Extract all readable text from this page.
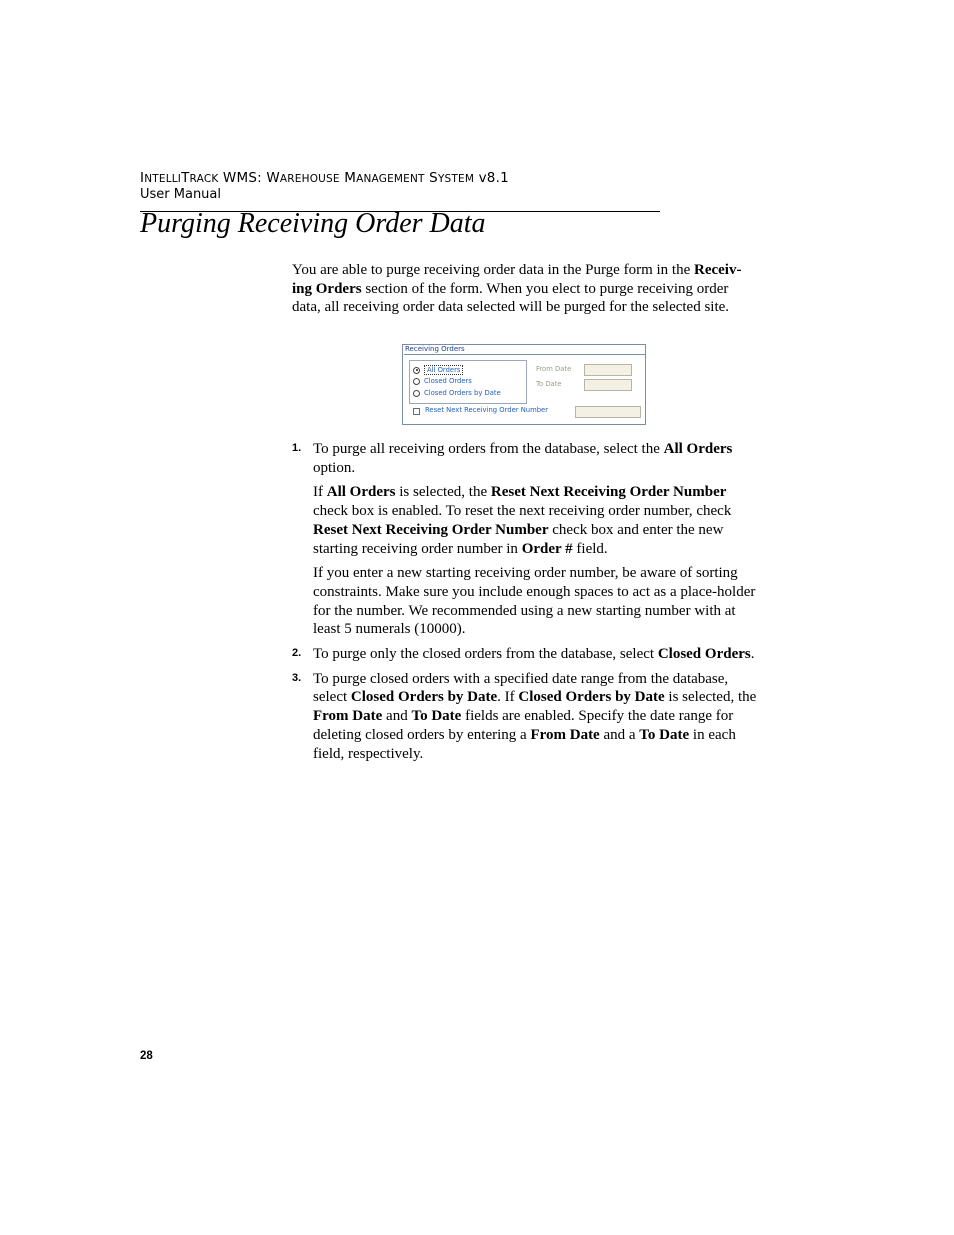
INTELLITRACK WMS: WAREHOUSE MANAGEMENT SYSTEM v8.1
User Manual
Purging Receiving Order Data

You are able to purge receiving order data in the Purge form in the Receiv-ing Orders section of the form. When you elect to purge receiving order data, all receiving order data selected will be purged for the selected site.

Receiving Orders
All Orders
Closed Orders
Closed Orders by Date
From Date
To Date
Reset Next Receiving Order Number
1. To purge all receiving orders from the database, select the All Orders option.

If All Orders is selected, the Reset Next Receiving Order Number check box is enabled. To reset the next receiving order number, check Reset Next Receiving Order Number check box and enter the new starting receiving order number in Order # field.

If you enter a new starting receiving order number, be aware of sorting constraints. Make sure you include enough spaces to act as a place-holder for the number. We recommended using a new starting number with at least 5 numerals (10000).

2. To purge only the closed orders from the database, select Closed Orders.

3. To purge closed orders with a specified date range from the database, select Closed Orders by Date. If Closed Orders by Date is selected, the From Date and To Date fields are enabled. Specify the date range for deleting closed orders by entering a From Date and a To Date in each field, respectively.

28
